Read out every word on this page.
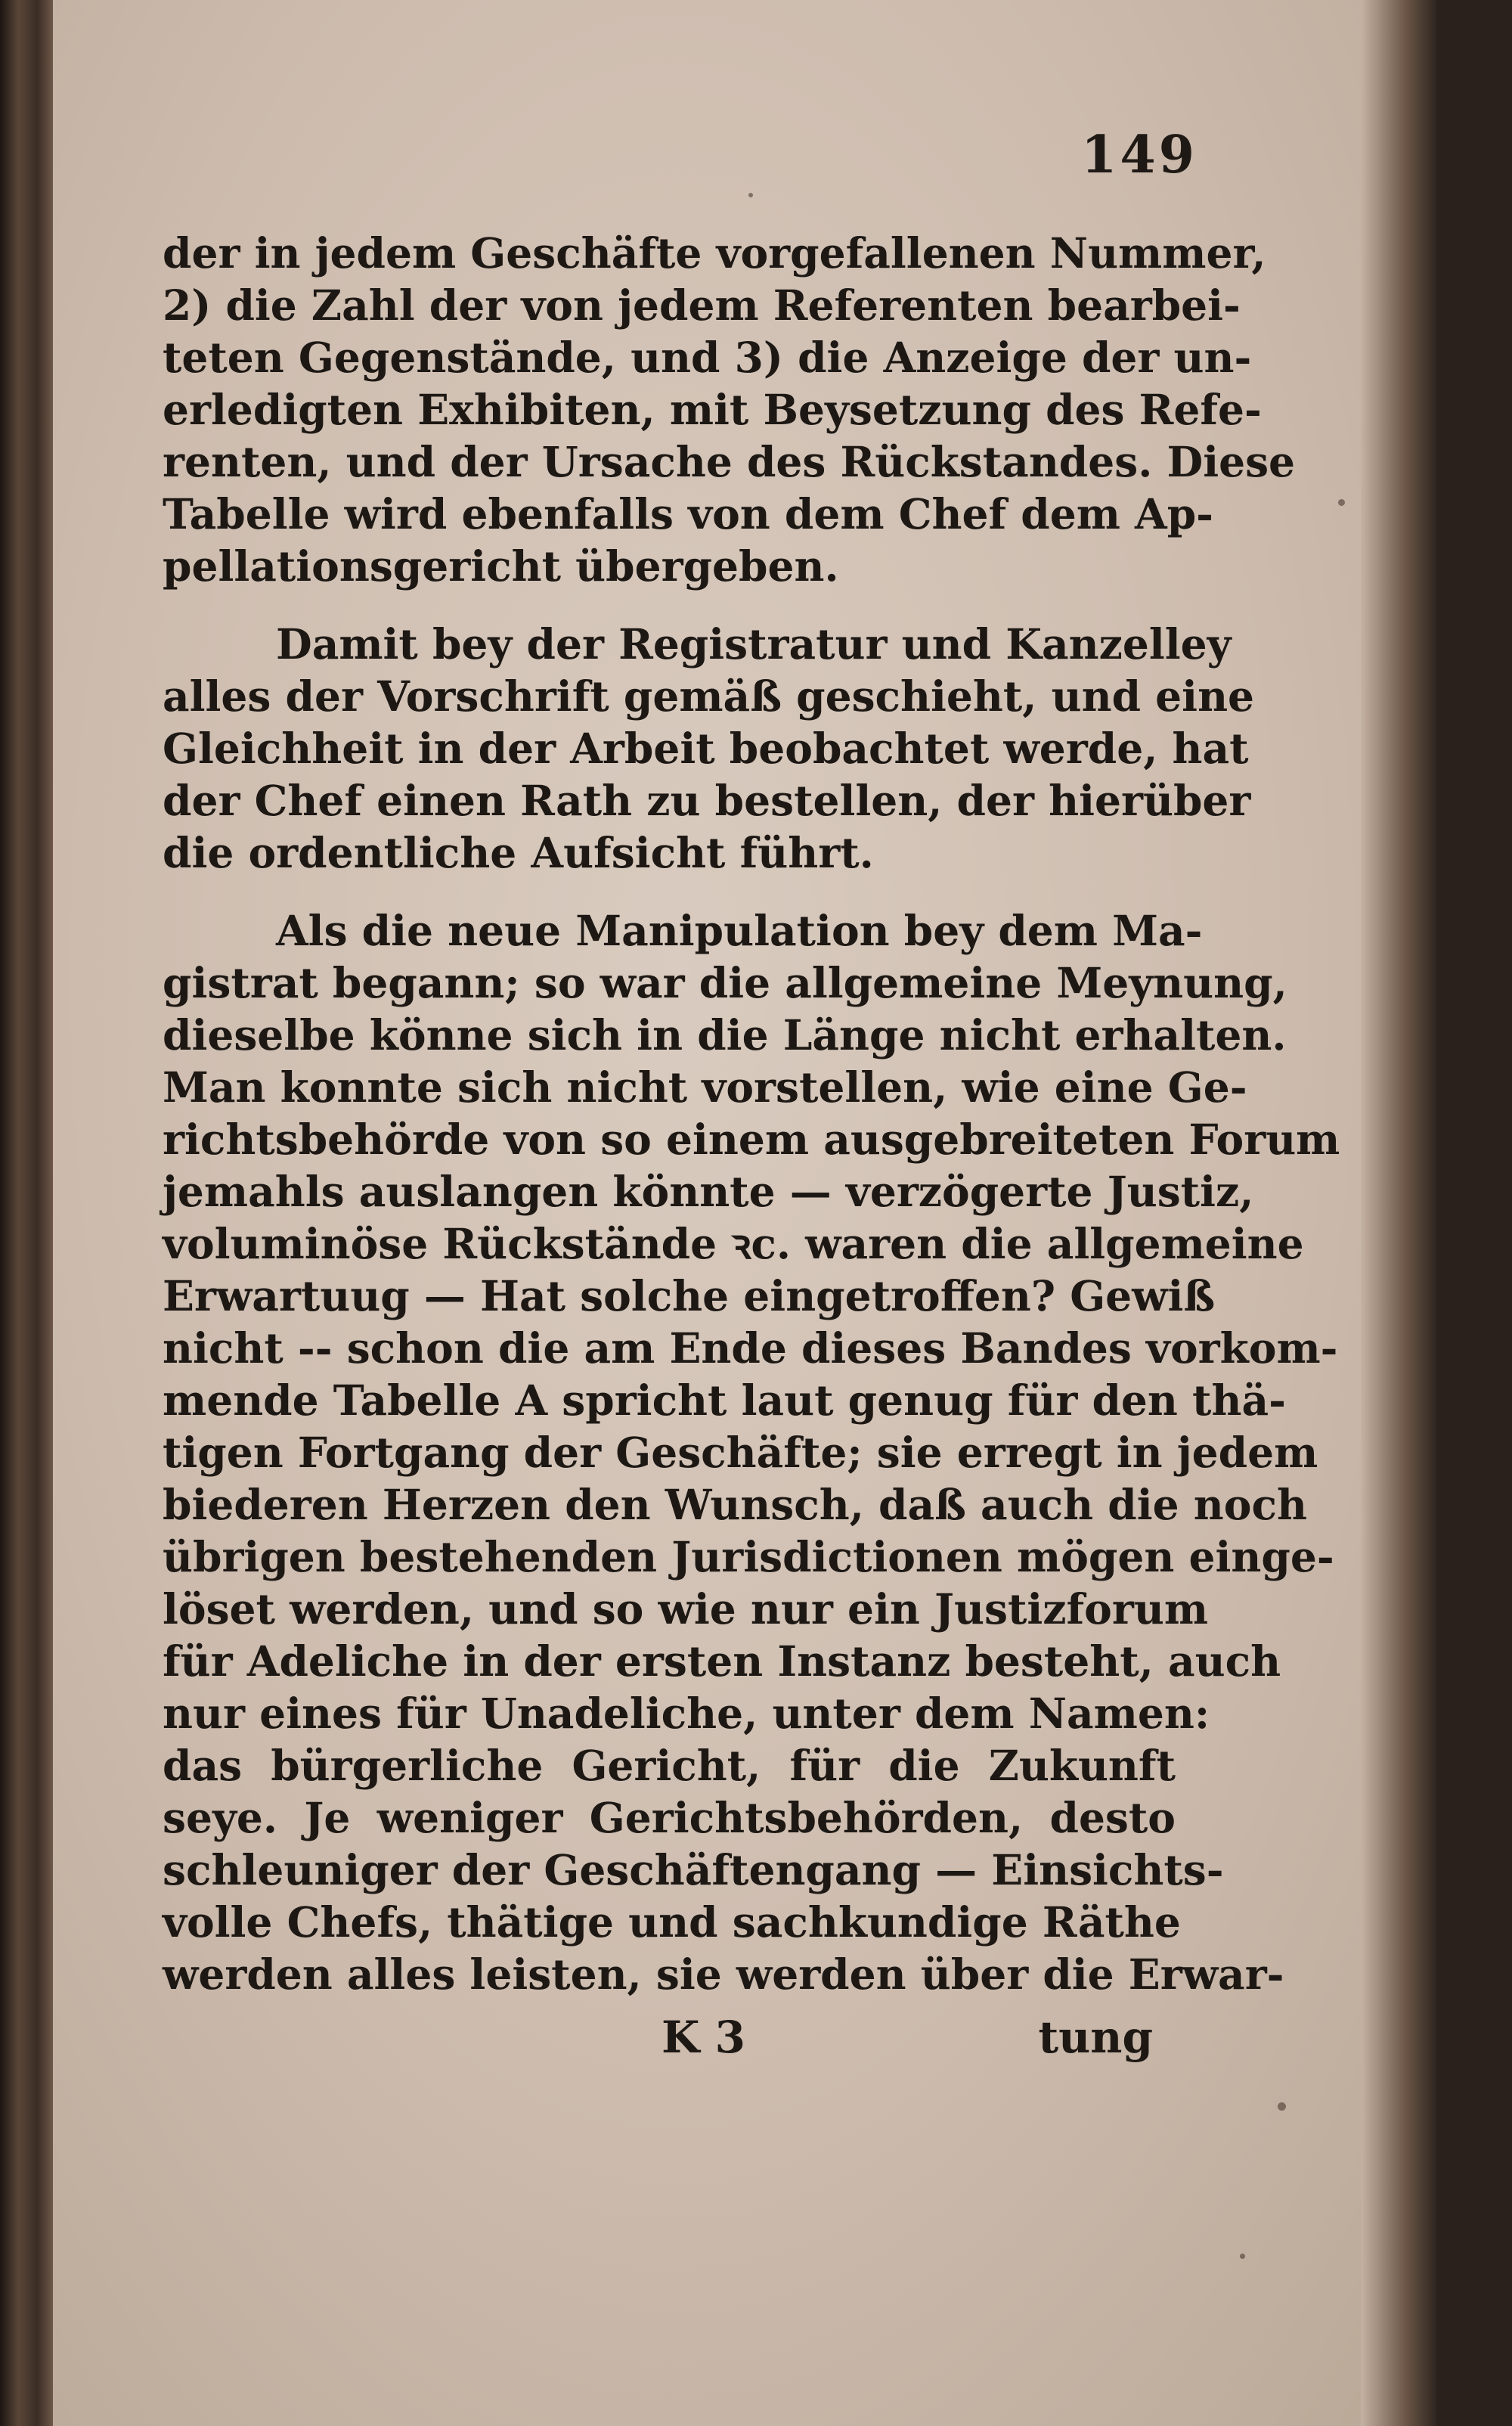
149
der in jedem Geschäfte vorgefallenen Nummer,
2) die Zahl der von jedem Referenten bearbei-
teten Gegenstände, und 3) die Anzeige der un-
erledigten Exhibiten, mit Beysetzung des Refe-
renten, und der Ursache des Rückstandes. Diese
Tabelle wird ebenfalls von dem Chef dem Ap-
pellationsgericht übergeben.
Damit bey der Registratur und Kanzelley
alles der Vorschrift gemäß geschieht, und eine
Gleichheit in der Arbeit beobachtet werde, hat
der Chef einen Rath zu bestellen, der hierüber
die ordentliche Aufsicht führt.
Als die neue Manipulation bey dem Ma-
gistrat begann; so war die allgemeine Meynung,
dieselbe könne sich in die Länge nicht erhalten.
Man konnte sich nicht vorstellen, wie eine Ge-
richtsbehörde von so einem ausgebreiteten Forum
jemahls auslangen könnte — verzögerte Justiz,
voluminöse Rückstände ꝛc. waren die allgemeine
Erwartuug — Hat solche eingetroffen? Gewiß
nicht -- schon die am Ende dieses Bandes vorkom-
mende Tabelle A spricht laut genug für den thä-
tigen Fortgang der Geschäfte; sie erregt in jedem
biederen Herzen den Wunsch, daß auch die noch
übrigen bestehenden Jurisdictionen mögen einge-
löset werden, und so wie nur ein Justizforum
für Adeliche in der ersten Instanz besteht, auch
nur eines für Unadeliche, unter dem Namen:
das bürgerliche Gericht, für die Zukunft
seye. Je weniger Gerichtsbehörden, desto
schleuniger der Geschäftengang — Einsichts-
volle Chefs, thätige und sachkundige Räthe
werden alles leisten, sie werden über die Erwar-
K 3	tung
